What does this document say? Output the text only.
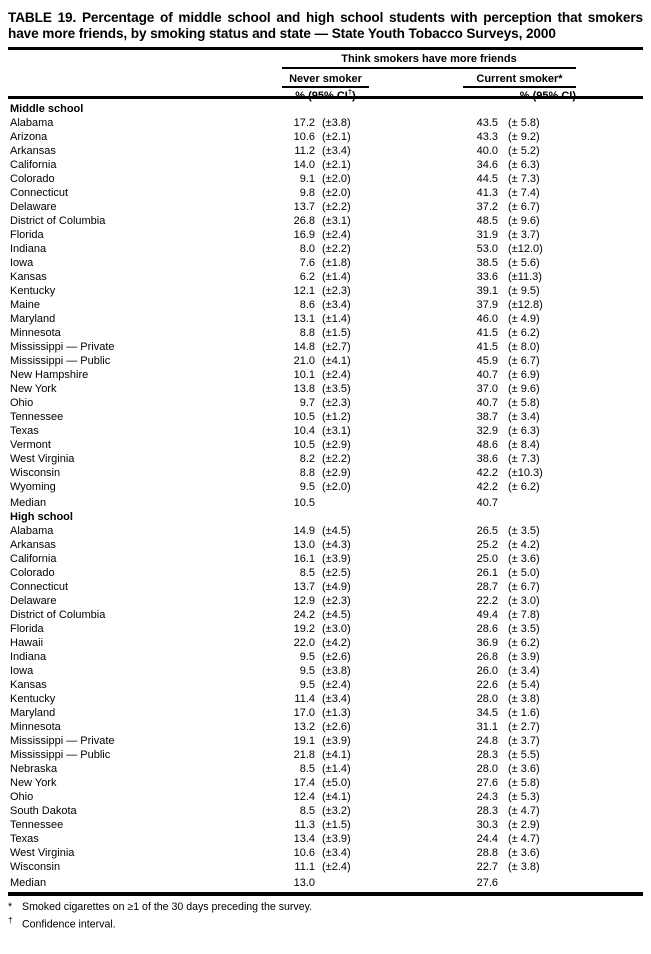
TABLE 19. Percentage of middle school and high school students with perception that smokers have more friends, by smoking status and state — State Youth Tobacco Surveys, 2000
Think smokers have more friends
Never smoker
% (95% CI†)
Current smoker*
% (95% CI)
Middle school
Alabama	17.2 (±3.8)	43.5 (± 5.8)
Arizona	10.6 (±2.1)	43.3 (± 9.2)
Arkansas	11.2 (±3.4)	40.0 (± 5.2)
California	14.0 (±2.1)	34.6 (± 6.3)
Colorado	9.1 (±2.0)	44.5 (± 7.3)
Connecticut	9.8 (±2.0)	41.3 (± 7.4)
Delaware	13.7 (±2.2)	37.2 (± 6.7)
District of Columbia	26.8 (±3.1)	48.5 (± 9.6)
Florida	16.9 (±2.4)	31.9 (± 3.7)
Indiana	8.0 (±2.2)	53.0 (±12.0)
Iowa	7.6 (±1.8)	38.5 (± 5.6)
Kansas	6.2 (±1.4)	33.6 (±11.3)
Kentucky	12.1 (±2.3)	39.1 (± 9.5)
Maine	8.6 (±3.4)	37.9 (±12.8)
Maryland	13.1 (±1.4)	46.0 (± 4.9)
Minnesota	8.8 (±1.5)	41.5 (± 6.2)
Mississippi — Private	14.8 (±2.7)	41.5 (± 8.0)
Mississippi — Public	21.0 (±4.1)	45.9 (± 6.7)
New Hampshire	10.1 (±2.4)	40.7 (± 6.9)
New York	13.8 (±3.5)	37.0 (± 9.6)
Ohio	9.7 (±2.3)	40.7 (± 5.8)
Tennessee	10.5 (±1.2)	38.7 (± 3.4)
Texas	10.4 (±3.1)	32.9 (± 6.3)
Vermont	10.5 (±2.9)	48.6 (± 8.4)
West Virginia	8.2 (±2.2)	38.6 (± 7.3)
Wisconsin	8.8 (±2.9)	42.2 (±10.3)
Wyoming	9.5 (±2.0)	42.2 (± 6.2)
Median	10.5	40.7
High school
Alabama	14.9 (±4.5)	26.5 (± 3.5)
Arkansas	13.0 (±4.3)	25.2 (± 4.2)
California	16.1 (±3.9)	25.0 (± 3.6)
Colorado	8.5 (±2.5)	26.1 (± 5.0)
Connecticut	13.7 (±4.9)	28.7 (± 6.7)
Delaware	12.9 (±2.3)	22.2 (± 3.0)
District of Columbia	24.2 (±4.5)	49.4 (± 7.8)
Florida	19.2 (±3.0)	28.6 (± 3.5)
Hawaii	22.0 (±4.2)	36.9 (± 6.2)
Indiana	9.5 (±2.6)	26.8 (± 3.9)
Iowa	9.5 (±3.8)	26.0 (± 3.4)
Kansas	9.5 (±2.4)	22.6 (± 5.4)
Kentucky	11.4 (±3.4)	28.0 (± 3.8)
Maryland	17.0 (±1.3)	34.5 (± 1.6)
Minnesota	13.2 (±2.6)	31.1 (± 2.7)
Mississippi — Private	19.1 (±3.9)	24.8 (± 3.7)
Mississippi — Public	21.8 (±4.1)	28.3 (± 5.5)
Nebraska	8.5 (±1.4)	28.0 (± 3.6)
New York	17.4 (±5.0)	27.6 (± 5.8)
Ohio	12.4 (±4.1)	24.3 (± 5.3)
South Dakota	8.5 (±3.2)	28.3 (± 4.7)
Tennessee	11.3 (±1.5)	30.3 (± 2.9)
Texas	13.4 (±3.9)	24.4 (± 4.7)
West Virginia	10.6 (±3.4)	28.8 (± 3.6)
Wisconsin	11.1 (±2.4)	22.7 (± 3.8)
Median	13.0	27.6
* Smoked cigarettes on ≥1 of the 30 days preceding the survey.
† Confidence interval.
